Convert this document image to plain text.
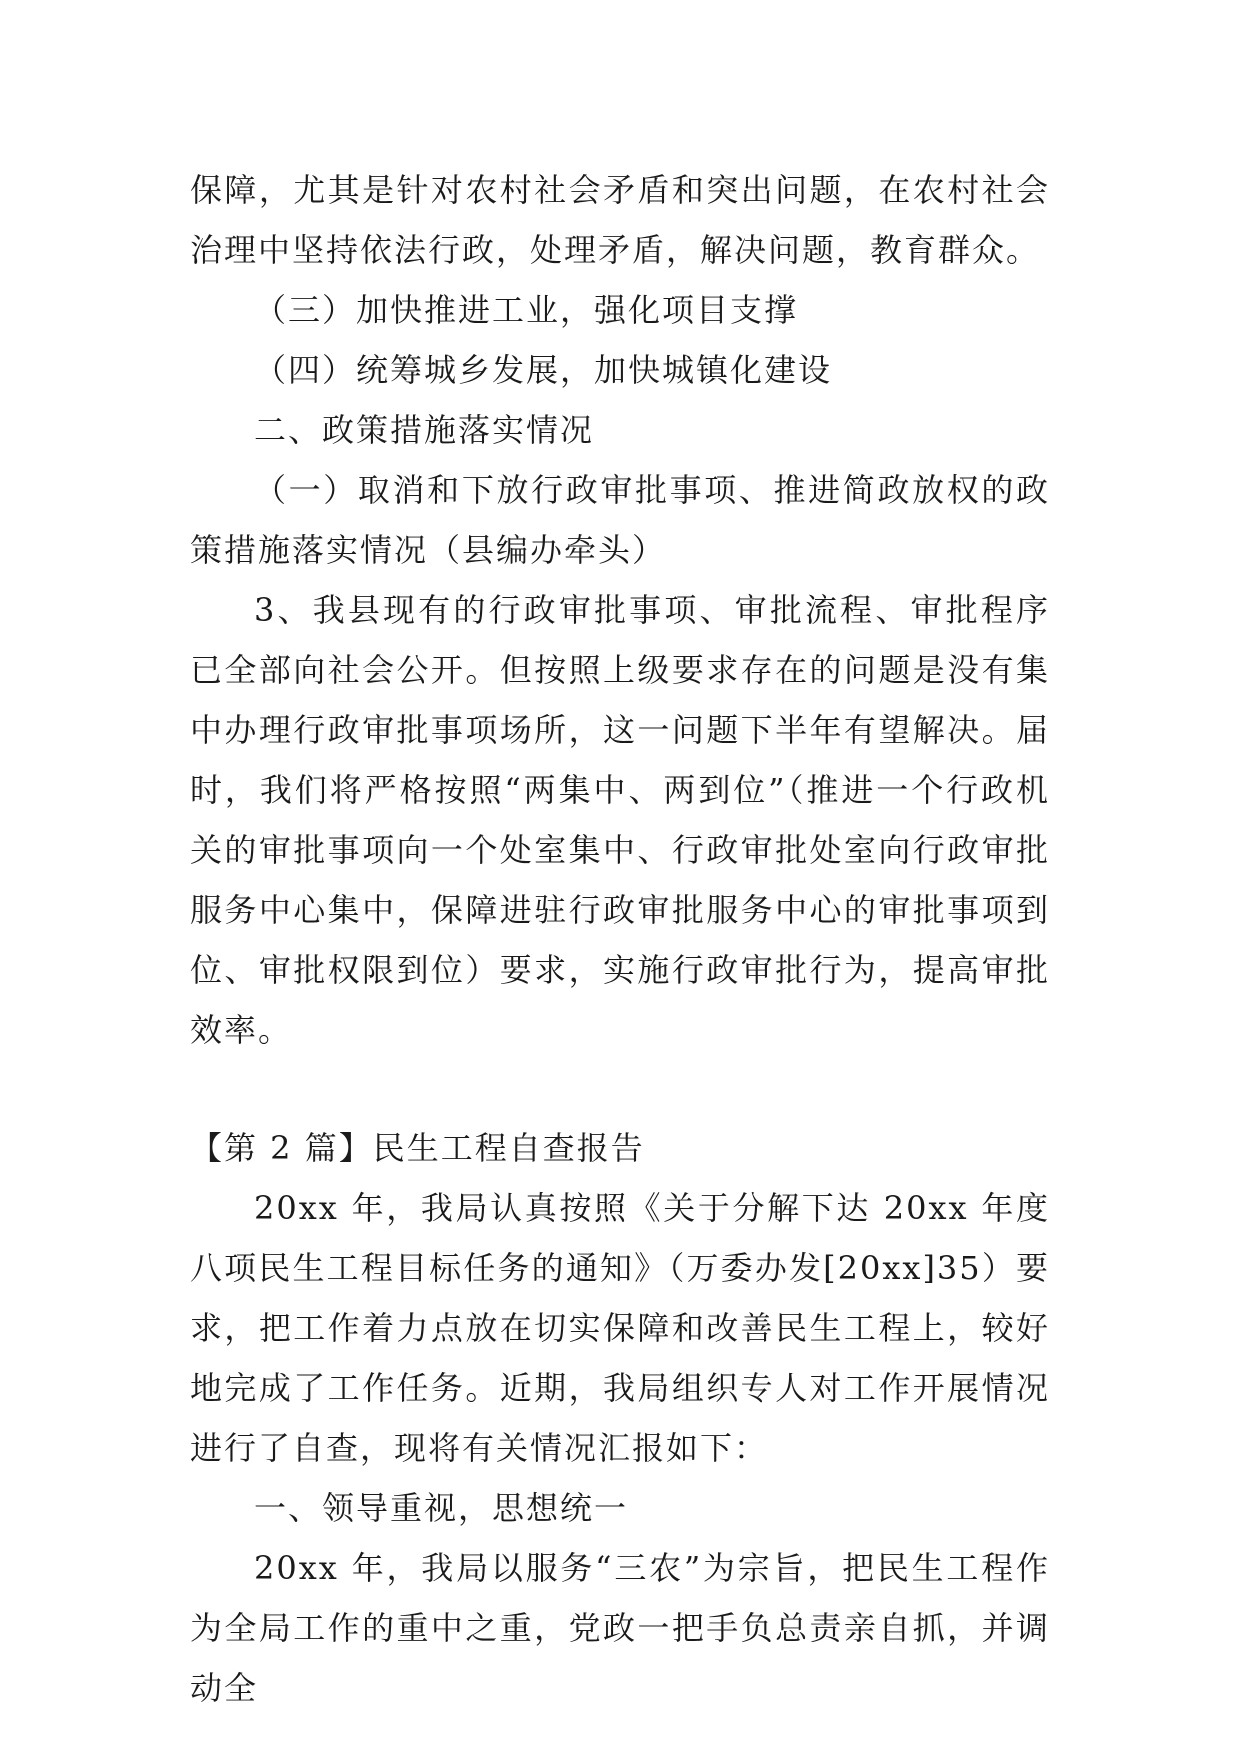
保障，尤其是针对农村社会矛盾和突出问题，在农村社会治理中坚持依法行政，处理矛盾，解决问题，教育群众。

（三）加快推进工业，强化项目支撑

（四）统筹城乡发展，加快城镇化建设

二、政策措施落实情况

（一）取消和下放行政审批事项、推进简政放权的政策措施落实情况（县编办牵头）

3、我县现有的行政审批事项、审批流程、审批程序已全部向社会公开。但按照上级要求存在的问题是没有集中办理行政审批事项场所，这一问题下半年有望解决。届时，我们将严格按照“两集中、两到位”（推进一个行政机关的审批事项向一个处室集中、行政审批处室向行政审批服务中心集中，保障进驻行政审批服务中心的审批事项到位、审批权限到位）要求，实施行政审批行为，提高审批效率。

【第 2 篇】民生工程自查报告

20xx 年，我局认真按照《关于分解下达 20xx 年度八项民生工程目标任务的通知》（万委办发[20xx]35）要求，把工作着力点放在切实保障和改善民生工程上，较好地完成了工作任务。近期，我局组织专人对工作开展情况进行了自查，现将有关情况汇报如下：

一、领导重视，思想统一

20xx 年，我局以服务“三农”为宗旨，把民生工程作为全局工作的重中之重，党政一把手负总责亲自抓，并调动全
